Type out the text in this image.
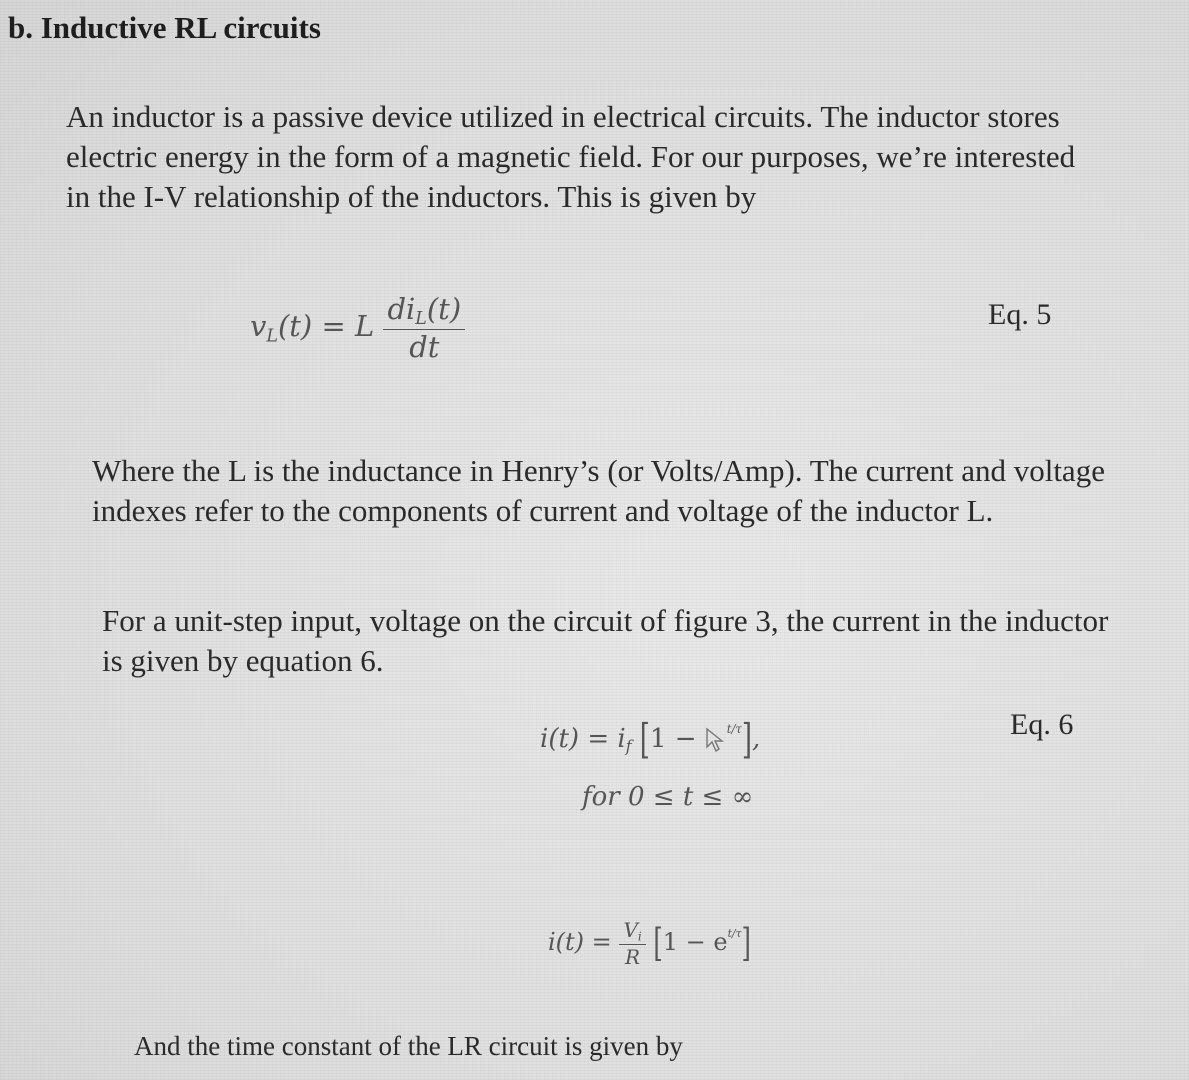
b. Inductive RL circuits
An inductor is a passive device utilized in electrical circuits. The inductor stores
electric energy in the form of a magnetic field. For our purposes, we’re interested
in the I-V relationship of the inductors. This is given by
$v_L(t) = L \frac{di_L(t)}{dt}$	Eq. 5
Where the L is the inductance in Henry’s (or Volts/Amp). The current and voltage
indexes refer to the components of current and voltage of the inductor L.
For a unit-step input, voltage on the circuit of figure 3, the current in the inductor
is given by equation 6.
$i(t) = i_f$ [1 −	$^{t/\tau}$],
for 0 ≤ t ≤ ∞
Eq. 6
$i(t) = \frac{V_i}{R} [1 - e^{t/\tau}]$
And the time constant of the LR circuit is given by
